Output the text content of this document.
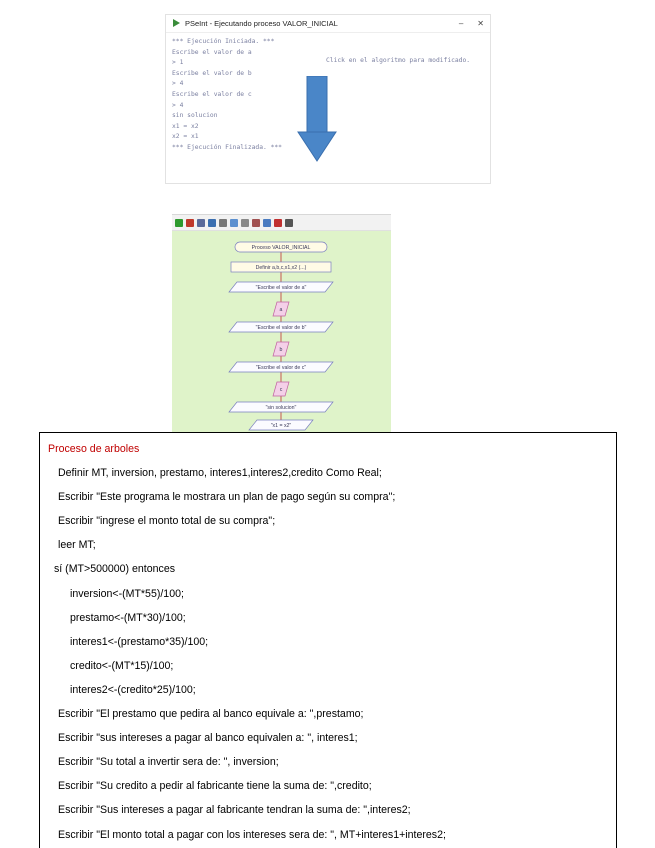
PSeInt - Ejecutando proceso VALOR_INICIAL	– ✕
Click en el algoritmo para modificado.
*** Ejecución Iniciada. ***
Escribe el valor de a
> 1
Escribe el valor de b
> 4
Escribe el valor de c
> 4
sin solucion
x1 = x2
x2 = x1
*** Ejecución Finalizada. ***
Proceso VALOR_INICIAL
Definir a,b,c,x1,x2 (...)
"Escribe el valor de a"
a
"Escribe el valor de b"
b
"Escribe el valor de c"
c
"sin solucion"
"x1 = x2"
Proceso de arboles
Definir MT, inversion, prestamo, interes1,interes2,credito Como Real;
Escribir "Este programa le mostrara un plan de pago según su compra";
Escribir "ingrese el monto total de su compra";
leer MT;
sí (MT>500000) entonces
inversion<-(MT*55)/100;
prestamo<-(MT*30)/100;
interes1<-(prestamo*35)/100;
credito<-(MT*15)/100;
interes2<-(credito*25)/100;
Escribir "El prestamo que pedira al banco equivale a: ",prestamo;
Escribir "sus intereses a pagar al banco equivalen a: ", interes1;
Escribir "Su total a invertir sera de: ", inversion;
Escribir "Su credito a pedir al fabricante tiene la suma de: ",credito;
Escribir "Sus intereses a pagar al fabricante tendran la suma de: ",interes2;
Escribir "El monto total a pagar con los intereses sera de: ", MT+interes1+interes2;
